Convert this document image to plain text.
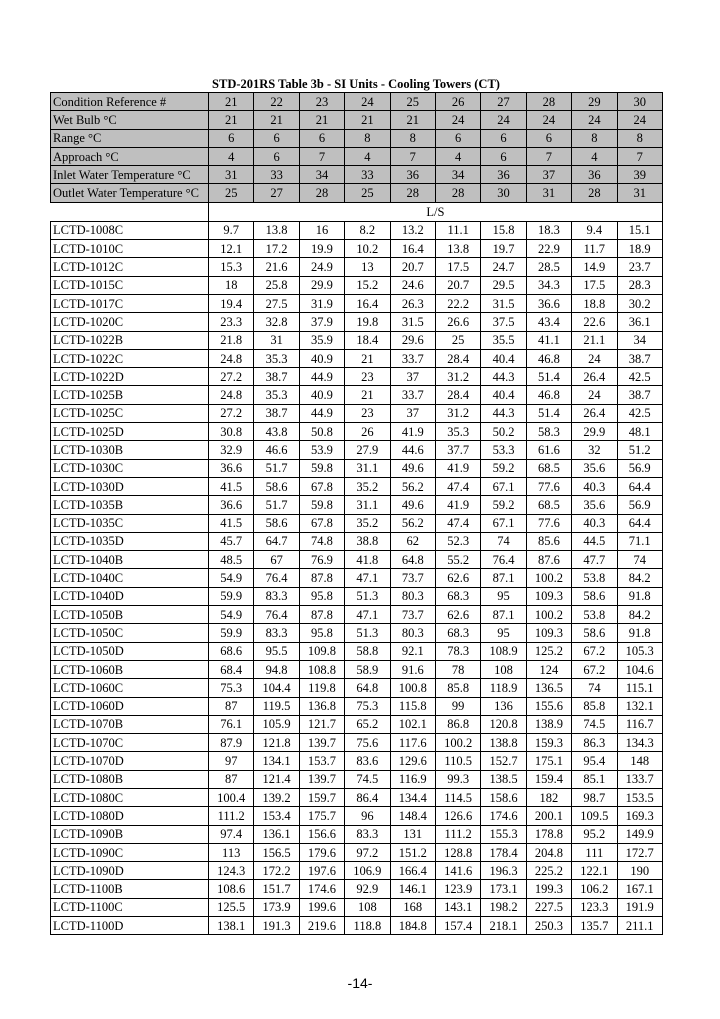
STD-201RS Table 3b - SI Units - Cooling Towers (CT)
Condition Reference #	21	22	23	24	25	26	27	28	29	30
Wet Bulb °C	21	21	21	21	21	24	24	24	24	24
Range °C	6	6	6	8	8	6	6	6	8	8
Approach °C	4	6	7	4	7	4	6	7	4	7
Inlet Water Temperature °C	31	33	34	33	36	34	36	37	36	39
Outlet Water Temperature °C	25	27	28	25	28	28	30	31	28	31
	L/S									
LCTD-1008C	9.7	13.8	16	8.2	13.2	11.1	15.8	18.3	9.4	15.1
LCTD-1010C	12.1	17.2	19.9	10.2	16.4	13.8	19.7	22.9	11.7	18.9
LCTD-1012C	15.3	21.6	24.9	13	20.7	17.5	24.7	28.5	14.9	23.7
LCTD-1015C	18	25.8	29.9	15.2	24.6	20.7	29.5	34.3	17.5	28.3
LCTD-1017C	19.4	27.5	31.9	16.4	26.3	22.2	31.5	36.6	18.8	30.2
LCTD-1020C	23.3	32.8	37.9	19.8	31.5	26.6	37.5	43.4	22.6	36.1
LCTD-1022B	21.8	31	35.9	18.4	29.6	25	35.5	41.1	21.1	34
LCTD-1022C	24.8	35.3	40.9	21	33.7	28.4	40.4	46.8	24	38.7
LCTD-1022D	27.2	38.7	44.9	23	37	31.2	44.3	51.4	26.4	42.5
LCTD-1025B	24.8	35.3	40.9	21	33.7	28.4	40.4	46.8	24	38.7
LCTD-1025C	27.2	38.7	44.9	23	37	31.2	44.3	51.4	26.4	42.5
LCTD-1025D	30.8	43.8	50.8	26	41.9	35.3	50.2	58.3	29.9	48.1
LCTD-1030B	32.9	46.6	53.9	27.9	44.6	37.7	53.3	61.6	32	51.2
LCTD-1030C	36.6	51.7	59.8	31.1	49.6	41.9	59.2	68.5	35.6	56.9
LCTD-1030D	41.5	58.6	67.8	35.2	56.2	47.4	67.1	77.6	40.3	64.4
LCTD-1035B	36.6	51.7	59.8	31.1	49.6	41.9	59.2	68.5	35.6	56.9
LCTD-1035C	41.5	58.6	67.8	35.2	56.2	47.4	67.1	77.6	40.3	64.4
LCTD-1035D	45.7	64.7	74.8	38.8	62	52.3	74	85.6	44.5	71.1
LCTD-1040B	48.5	67	76.9	41.8	64.8	55.2	76.4	87.6	47.7	74
LCTD-1040C	54.9	76.4	87.8	47.1	73.7	62.6	87.1	100.2	53.8	84.2
LCTD-1040D	59.9	83.3	95.8	51.3	80.3	68.3	95	109.3	58.6	91.8
LCTD-1050B	54.9	76.4	87.8	47.1	73.7	62.6	87.1	100.2	53.8	84.2
LCTD-1050C	59.9	83.3	95.8	51.3	80.3	68.3	95	109.3	58.6	91.8
LCTD-1050D	68.6	95.5	109.8	58.8	92.1	78.3	108.9	125.2	67.2	105.3
LCTD-1060B	68.4	94.8	108.8	58.9	91.6	78	108	124	67.2	104.6
LCTD-1060C	75.3	104.4	119.8	64.8	100.8	85.8	118.9	136.5	74	115.1
LCTD-1060D	87	119.5	136.8	75.3	115.8	99	136	155.6	85.8	132.1
LCTD-1070B	76.1	105.9	121.7	65.2	102.1	86.8	120.8	138.9	74.5	116.7
LCTD-1070C	87.9	121.8	139.7	75.6	117.6	100.2	138.8	159.3	86.3	134.3
LCTD-1070D	97	134.1	153.7	83.6	129.6	110.5	152.7	175.1	95.4	148
LCTD-1080B	87	121.4	139.7	74.5	116.9	99.3	138.5	159.4	85.1	133.7
LCTD-1080C	100.4	139.2	159.7	86.4	134.4	114.5	158.6	182	98.7	153.5
LCTD-1080D	111.2	153.4	175.7	96	148.4	126.6	174.6	200.1	109.5	169.3
LCTD-1090B	97.4	136.1	156.6	83.3	131	111.2	155.3	178.8	95.2	149.9
LCTD-1090C	113	156.5	179.6	97.2	151.2	128.8	178.4	204.8	111	172.7
LCTD-1090D	124.3	172.2	197.6	106.9	166.4	141.6	196.3	225.2	122.1	190
LCTD-1100B	108.6	151.7	174.6	92.9	146.1	123.9	173.1	199.3	106.2	167.1
LCTD-1100C	125.5	173.9	199.6	108	168	143.1	198.2	227.5	123.3	191.9
LCTD-1100D	138.1	191.3	219.6	118.8	184.8	157.4	218.1	250.3	135.7	211.1
-14-
